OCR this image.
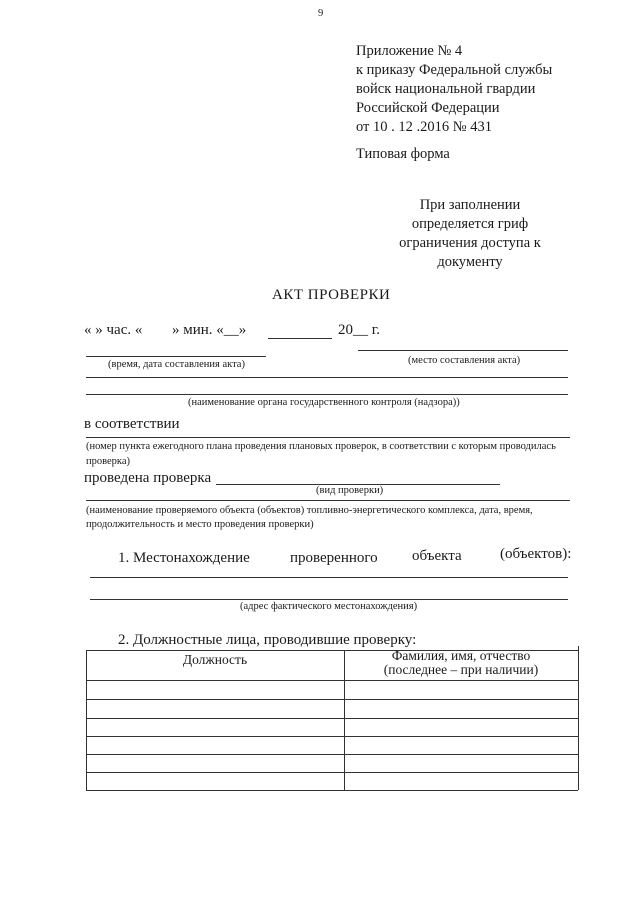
9
Приложение № 4
к приказу Федеральной службы
войск национальной гвардии
Российской Федерации
от 10 . 12 .2016 № 431
Типовая форма
При заполнении
определяется гриф
ограничения доступа к
документу
АКТ ПРОВЕРКИ
« » час. « » мин. «__»	20__ г.
(время, дата составления акта)	(место составления акта)
(наименование органа государственного контроля (надзора))
в соответствии
(номер пункта ежегодного плана проведения плановых проверок, в соответствии с которым проводилась
проверка)
проведена проверка
(вид проверки)
(наименование проверяемого объекта (объектов) топливно-энергетического комплекса, дата, время,
продолжительность и место проведения проверки)
1. Местонахождение	проверенного объекта	(объектов):
(адрес фактического местонахождения)
2. Должностные лица, проводившие проверку:
Должность	Фамилия, имя, отчество
(последнее – при наличии)
